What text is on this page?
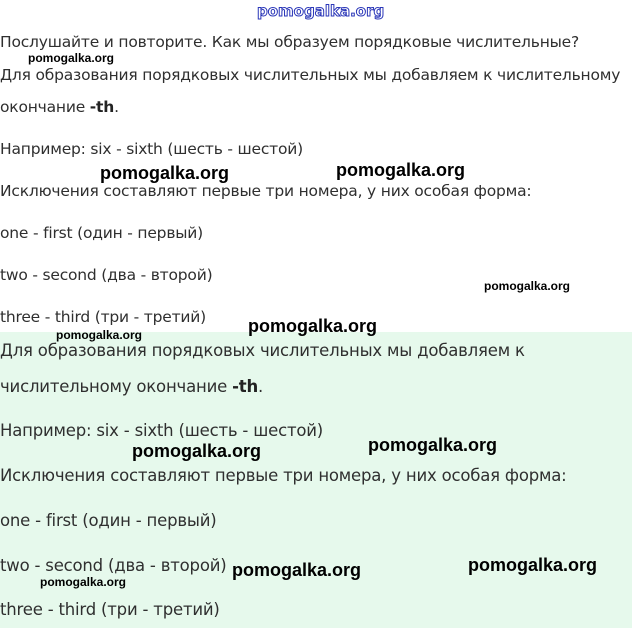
pomogalka.org
Послушайте и повторите. Как мы образуем порядковые числительные?
Для образования порядковых числительных мы добавляем к числительному
окончание -th.
Например: six - sixth (шесть - шестой)
Исключения составляют первые три номера, у них особая форма:
one - first (один - первый)
two - second (два - второй)
three - third (три - третий)
Для образования порядковых числительных мы добавляем к
числительному окончание -th.
Например: six - sixth (шесть - шестой)
Исключения составляют первые три номера, у них особая форма:
one - first (один - первый)
two - second (два - второй)
three - third (три - третий)
pomogalka.org
pomogalka.org	pomogalka.org
pomogalka.org
pomogalka.org
pomogalka.org
pomogalka.org	pomogalka.org
pomogalka.org	pomogalka.org
pomogalka.org
